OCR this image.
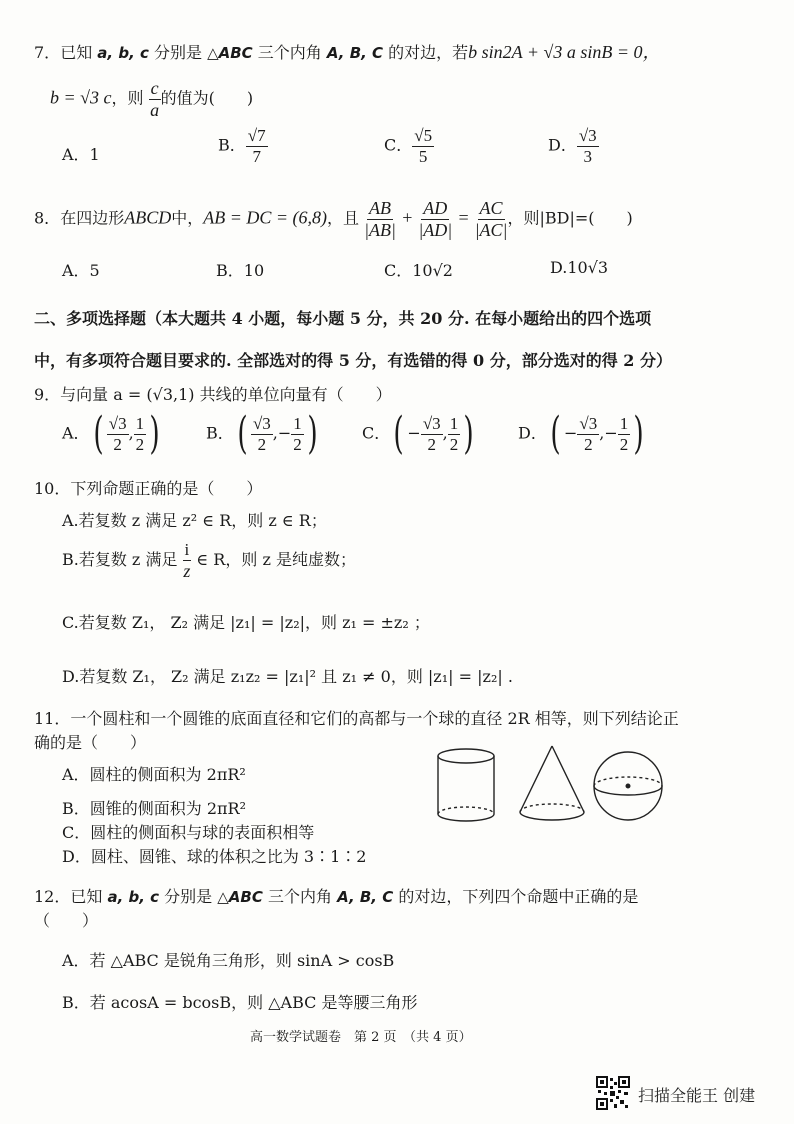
7．已知 a, b, c 分别是 △ABC 三个内角 A, B, C 的对边，若b sin2A + √3 a sinB = 0，
b = √3 c，则 $\frac{c}{a}$ 的值为(　　)
A．1	B． $\frac{√7}{7}$	C． $\frac{√5}{5}$	D． $\frac{√3}{3}$
8．在四边形ABCD中，AB = DC = (6,8)，且 $\frac{AB}{|AB|} + \frac{AD}{|AD|} = \frac{AC}{|AC|}$ ，则|BD|=(　　)
A．5	B．10	C．10√2	D.10√3
二、多项选择题（本大题共 4 小题，每小题 5 分，共 20 分. 在每小题给出的四个选项
中，有多项符合题目要求的. 全部选对的得 5 分，有选错的得 0 分，部分选对的得 2 分）
9．与向量 a = (√3,1) 共线的单位向量有（　　）
A．( $\frac{√3}{2}$ , $\frac{1}{2}$ )	B．( $\frac{√3}{2}$ ,− $\frac{1}{2}$ )	C．( − $\frac{√3}{2}$ , $\frac{1}{2}$ )	D．( − $\frac{√3}{2}$ ,− $\frac{1}{2}$ )
10．下列命题正确的是（　　）
A.若复数 z 满足 z² ∈ R，则 z ∈ R；
B.若复数 z 满足 $\frac{i}{z}$ ∈ R，则 z 是纯虚数；
C.若复数 Z₁， Z₂ 满足 |z₁| = |z₂|，则 z₁ = ±z₂ ；
D.若复数 Z₁， Z₂ 满足 z₁z₂ = |z₁|² 且 z₁ ≠ 0，则 |z₁| = |z₂| .
11．一个圆柱和一个圆锥的底面直径和它们的高都与一个球的直径 2R 相等，则下列结论正
确的是（　　）
A．圆柱的侧面积为 2πR²
B．圆锥的侧面积为 2πR²
C．圆柱的侧面积与球的表面积相等
D．圆柱、圆锥、球的体积之比为 3∶1∶2
12．已知 a, b, c 分别是 △ABC 三个内角 A, B, C 的对边，下列四个命题中正确的是
（　　）
A．若 △ABC 是锐角三角形，则 sinA > cosB
B．若 acosA = bcosB，则 △ABC 是等腰三角形
高一数学试题卷　第 2 页　（共 4 页）
扫描全能王 创建
